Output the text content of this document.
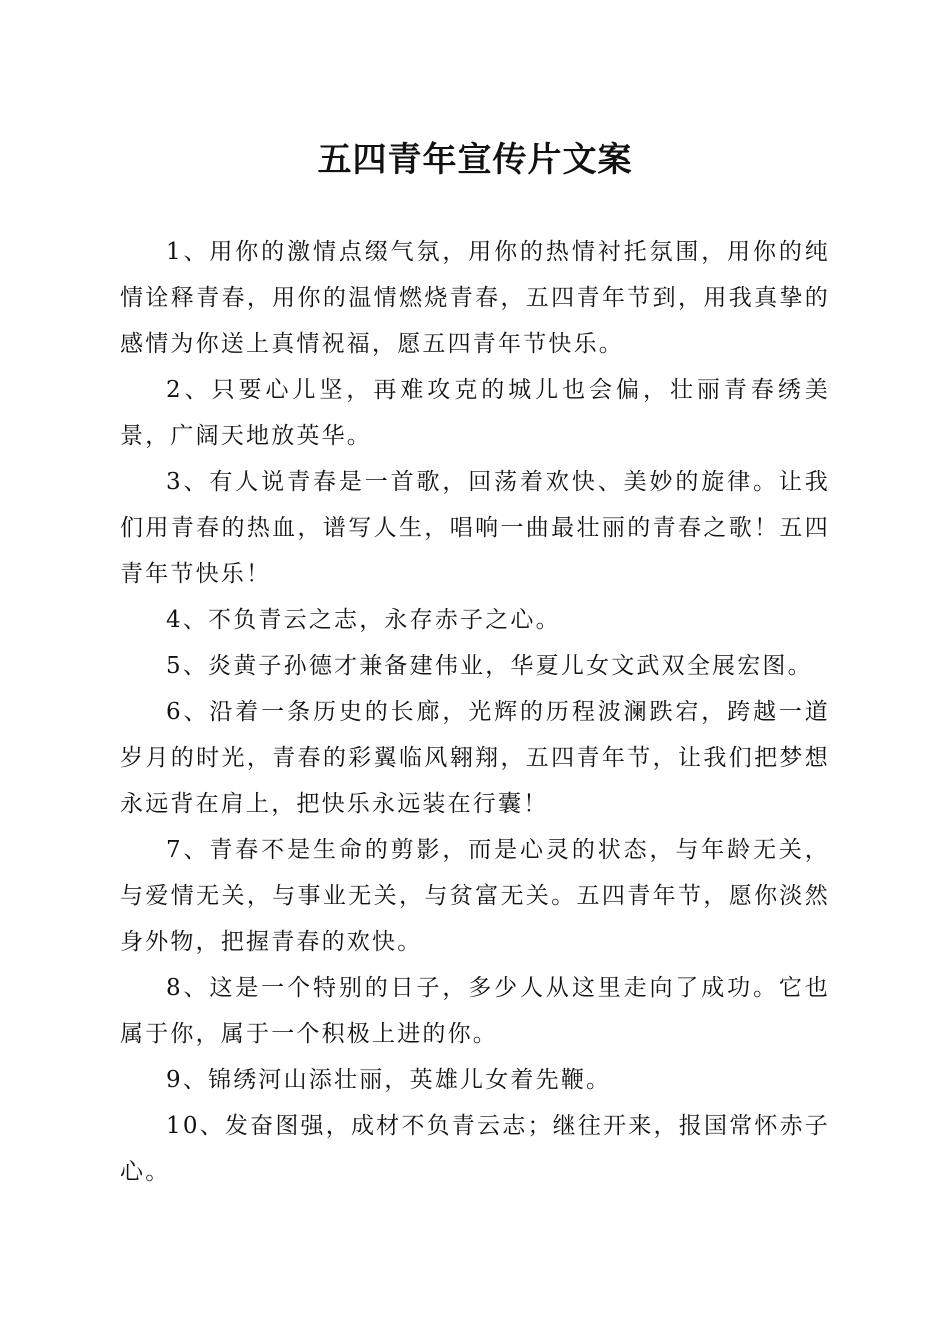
五四青年宣传片文案

1、用你的激情点缀气氛，用你的热情衬托氛围，用你的纯情诠释青春，用你的温情燃烧青春，五四青年节到，用我真挚的感情为你送上真情祝福，愿五四青年节快乐。

2、只要心儿坚，再难攻克的城儿也会偏，壮丽青春绣美景，广阔天地放英华。

3、有人说青春是一首歌，回荡着欢快、美妙的旋律。让我们用青春的热血，谱写人生，唱响一曲最壮丽的青春之歌！五四青年节快乐！

4、不负青云之志，永存赤子之心。

5、炎黄子孙德才兼备建伟业，华夏儿女文武双全展宏图。

6、沿着一条历史的长廊，光辉的历程波澜跌宕，跨越一道岁月的时光，青春的彩翼临风翱翔，五四青年节，让我们把梦想永远背在肩上，把快乐永远装在行囊！

7、青春不是生命的剪影，而是心灵的状态，与年龄无关，与爱情无关，与事业无关，与贫富无关。五四青年节，愿你淡然身外物，把握青春的欢快。

8、这是一个特别的日子，多少人从这里走向了成功。它也属于你，属于一个积极上进的你。

9、锦绣河山添壮丽，英雄儿女着先鞭。

10、发奋图强，成材不负青云志；继往开来，报国常怀赤子心。
